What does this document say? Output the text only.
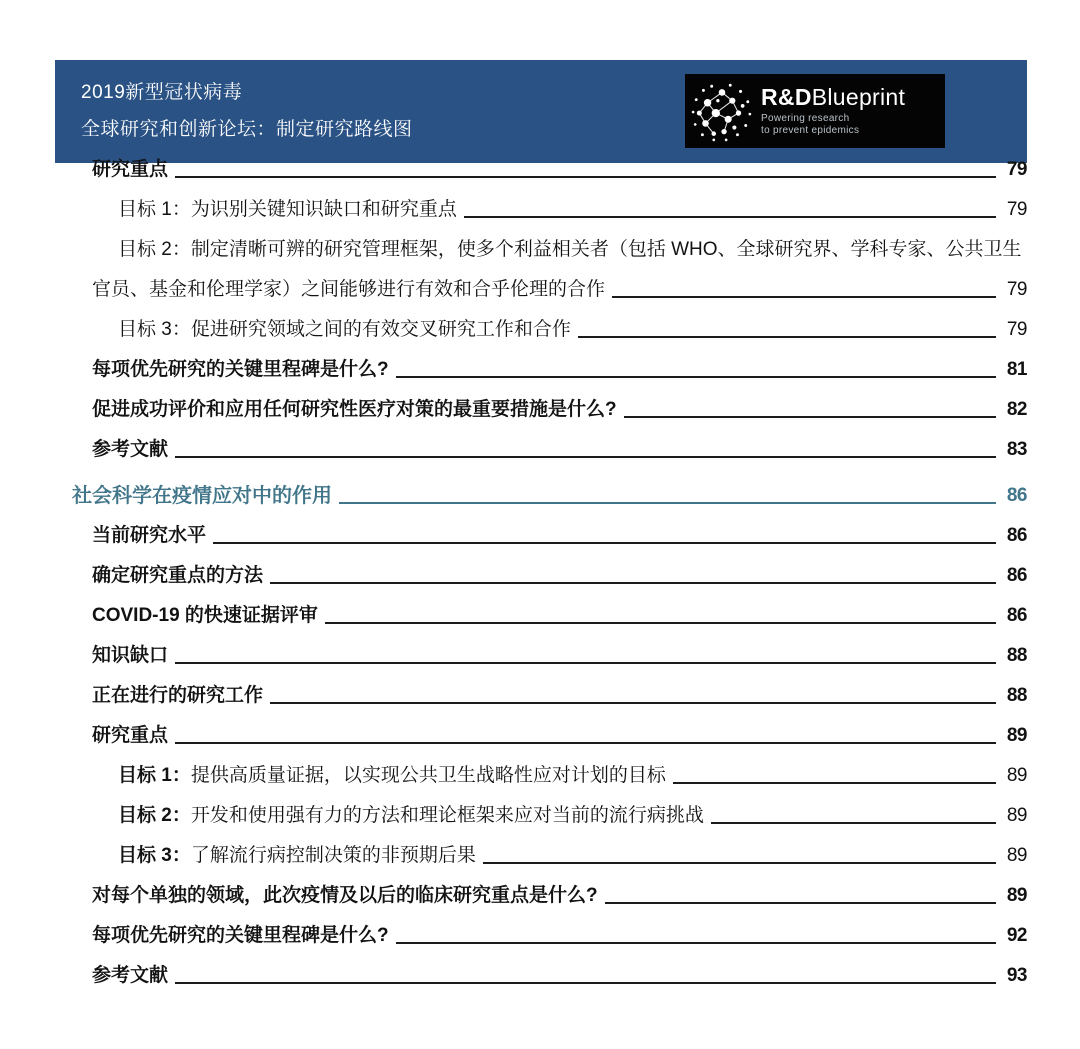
2019新型冠状病毒
全球研究和创新论坛：制定研究路线图
R&DBlueprint
Powering research
to prevent epidemics
研究重点	79
目标 1：为识别关键知识缺口和研究重点	79
目标 2：制定清晰可辨的研究管理框架，使多个利益相关者（包括 WHO、全球研究界、学科专家、公共卫生
官员、基金和伦理学家）之间能够进行有效和合乎伦理的合作	79
目标 3：促进研究领域之间的有效交叉研究工作和合作	79
每项优先研究的关键里程碑是什么?	81
促进成功评价和应用任何研究性医疗对策的最重要措施是什么?	82
参考文献	83
社会科学在疫情应对中的作用	86
当前研究水平	86
确定研究重点的方法	86
COVID-19 的快速证据评审	86
知识缺口	88
正在进行的研究工作	88
研究重点	89
目标 1：提供高质量证据，以实现公共卫生战略性应对计划的目标	89
目标 2：开发和使用强有力的方法和理论框架来应对当前的流行病挑战	89
目标 3：了解流行病控制决策的非预期后果	89
对每个单独的领域，此次疫情及以后的临床研究重点是什么?	89
每项优先研究的关键里程碑是什么?	92
参考文献	93
